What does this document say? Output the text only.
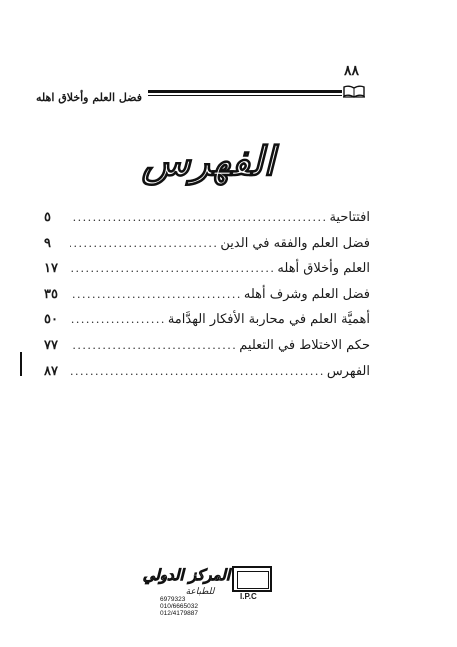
٨٨
فضل العلم وأخلاق اهله
الفهرس
افتتاحية
.....
٥
فضل العلم والفقه في الدين
.....
٩
العلم وأخلاق أهله
.....
١٧
فضل العلم وشرف أهله
.....
٣٥
أهميَّة العلم في محاربة الأفكار الهدَّامة
.....
٥٠
حكم الاختلاط في التعليم
.....
٧٧
الفهرس
.....
٨٧
المركز الدولي
للطباعة	I.P.C
6979323
010/6665032
012/4179887
